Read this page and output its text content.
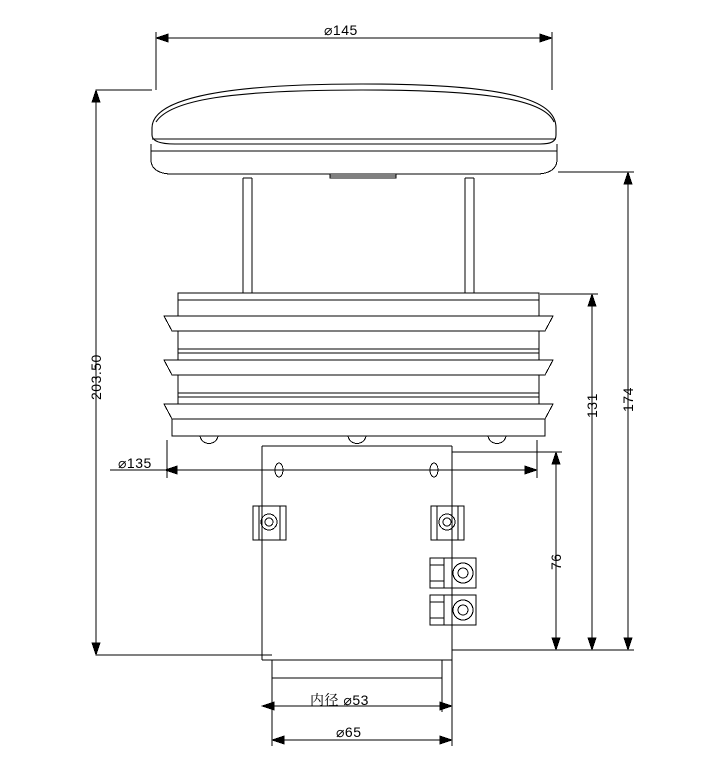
⌀145
203.50
⌀135
174
131
76
内径 ⌀53
⌀65
